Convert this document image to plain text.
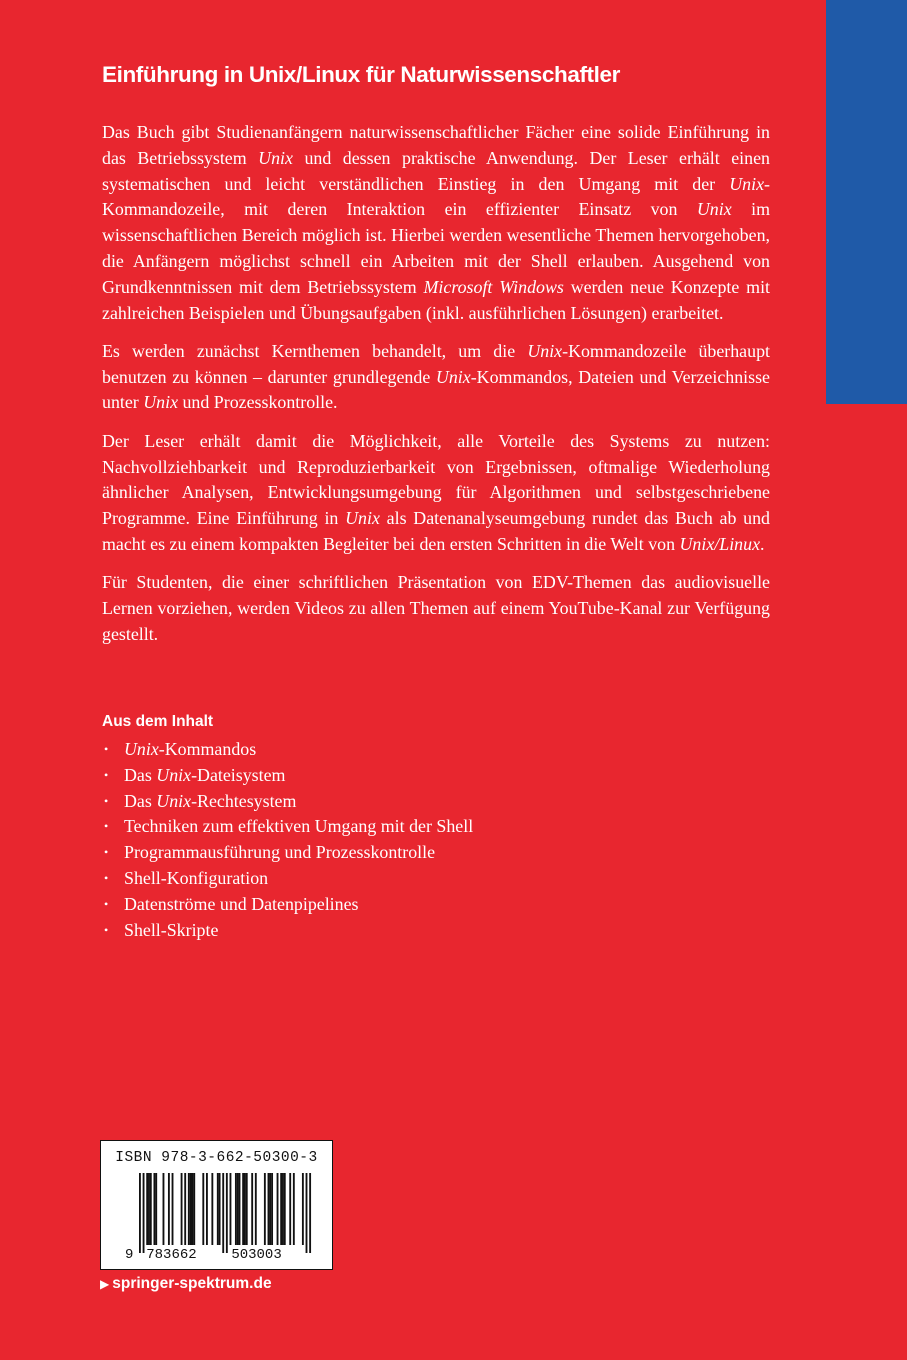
Einführung in Unix/Linux für Naturwissenschaftler

Das Buch gibt Studienanfängern naturwissenschaftlicher Fächer eine solide Einführung in das Betriebssystem Unix und dessen praktische Anwendung. Der Leser erhält einen systematischen und leicht verständlichen Einstieg in den Umgang mit der Unix-Kommandozeile, mit deren Interaktion ein effizienter Einsatz von Unix im wissenschaftlichen Bereich möglich ist. Hierbei werden wesentliche Themen hervorgehoben, die Anfängern möglichst schnell ein Arbeiten mit der Shell erlauben. Ausgehend von Grundkenntnissen mit dem Betriebssystem Microsoft Windows werden neue Konzepte mit zahlreichen Beispielen und Übungsaufgaben (inkl. ausführlichen Lösungen) erarbeitet.

Es werden zunächst Kernthemen behandelt, um die Unix-Kommandozeile überhaupt benutzen zu können – darunter grundlegende Unix-Kommandos, Dateien und Verzeichnisse unter Unix und Prozesskontrolle.

Der Leser erhält damit die Möglichkeit, alle Vorteile des Systems zu nutzen: Nachvollziehbarkeit und Reproduzierbarkeit von Ergebnissen, oftmalige Wiederholung ähnlicher Analysen, Entwicklungsumgebung für Algorithmen und selbstgeschriebene Programme. Eine Einführung in Unix als Datenanalyseumgebung rundet das Buch ab und macht es zu einem kompakten Begleiter bei den ersten Schritten in die Welt von Unix/Linux.

Für Studenten, die einer schriftlichen Präsentation von EDV-Themen das audiovisuelle Lernen vorziehen, werden Videos zu allen Themen auf einem YouTube-Kanal zur Verfügung gestellt.

Aus dem Inhalt
• Unix-Kommandos
• Das Unix-Dateisystem
• Das Unix-Rechtesystem
• Techniken zum effektiven Umgang mit der Shell
• Programmausführung und Prozesskontrolle
• Shell-Konfiguration
• Datenströme und Datenpipelines
• Shell-Skripte
ISBN 978-3-662-50300-3
9 783662 503003
▶ springer-spektrum.de
